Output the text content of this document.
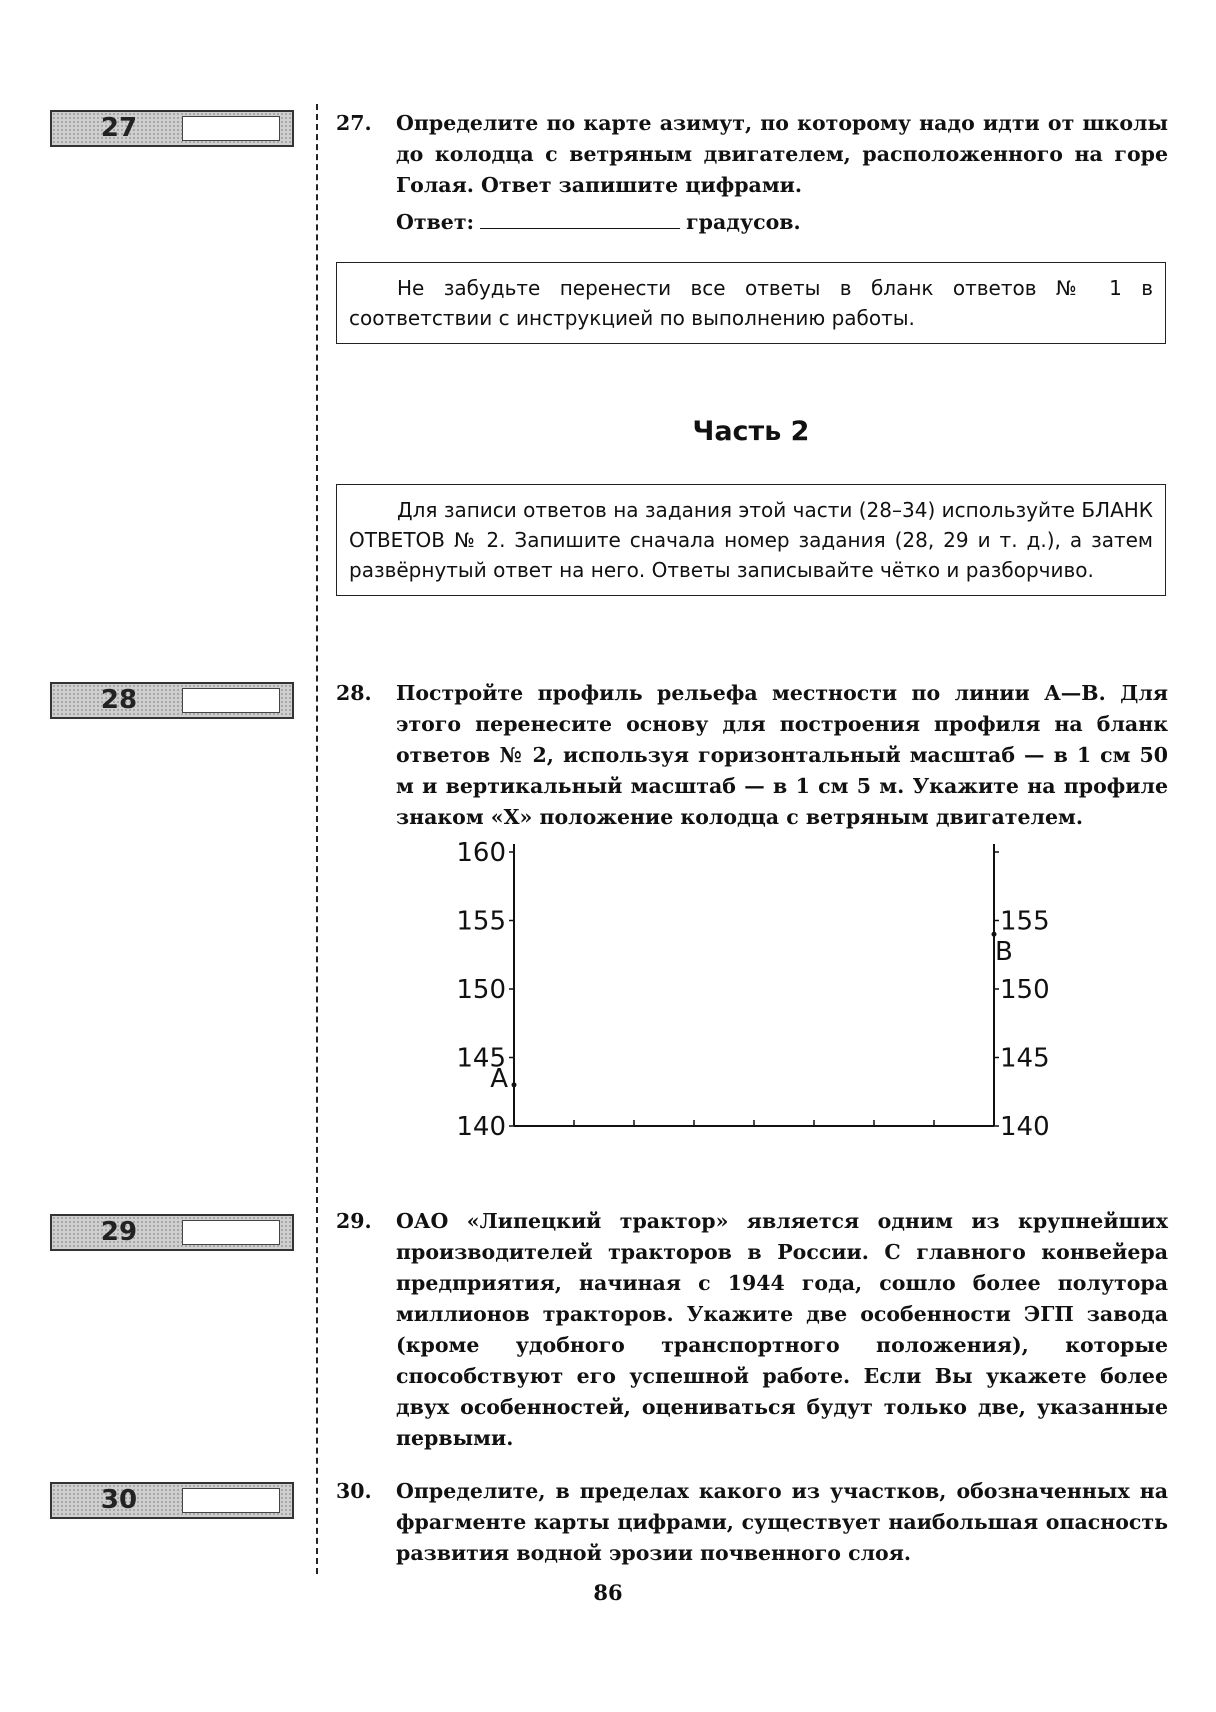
27	27. Определите по карте азимут, по которому надо идти от школы до колодца с ветряным двигателем, расположенного на горе Голая. Ответ запишите цифрами.
Ответ:	градусов.
Не забудьте перенести все ответы в бланк ответов № 1 в соответствии с инструкцией по выполнению работы.
Часть 2
Для записи ответов на задания этой части (28–34) используйте БЛАНК ОТВЕТОВ № 2. Запишите сначала номер задания (28, 29 и т. д.), а затем развёрнутый ответ на него. Ответы записывайте чётко и разборчиво.
28	28. Постройте профиль рельефа местности по линии А—В. Для этого перенесите основу для построения профиля на бланк ответов № 2, используя горизонтальный масштаб — в 1 см 50 м и вертикальный масштаб — в 1 см 5 м. Укажите на профиле знаком «Х» положение колодца с ветряным двигателем.
160
155
150
145
140
155
150
145
140
А
В
29	29. ОАО «Липецкий трактор» является одним из крупнейших производителей тракторов в России. С главного конвейера предприятия, начиная с 1944 года, сошло более полутора миллионов тракторов. Укажите две особенности ЭГП завода (кроме удобного транспортного положения), которые способствуют его успешной работе. Если Вы укажете более двух особенностей, оцениваться будут только две, указанные первыми.
30	30. Определите, в пределах какого из участков, обозначенных на фрагменте карты цифрами, существует наибольшая опасность развития водной эрозии почвенного слоя.
86
